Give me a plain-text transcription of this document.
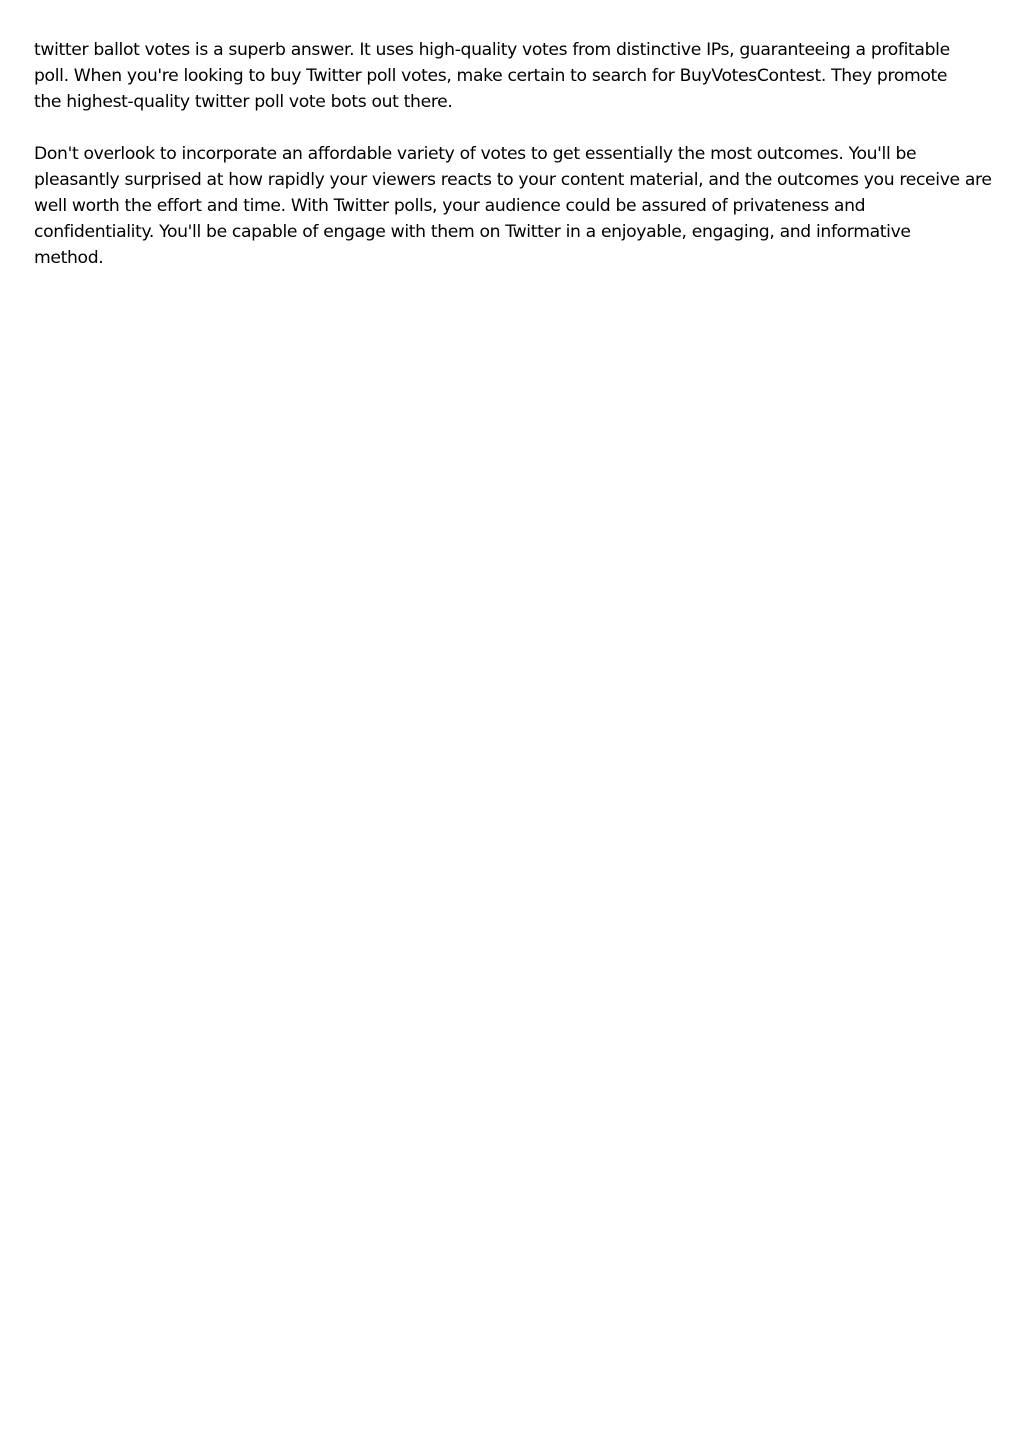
twitter ballot votes is a superb answer. It uses high-quality votes from distinctive IPs, guaranteeing a profitable
poll. When you're looking to buy Twitter poll votes, make certain to search for BuyVotesContest. They promote
the highest-quality twitter poll vote bots out there.

Don't overlook to incorporate an affordable variety of votes to get essentially the most outcomes. You'll be
pleasantly surprised at how rapidly your viewers reacts to your content material, and the outcomes you receive are
well worth the effort and time. With Twitter polls, your audience could be assured of privateness and
confidentiality. You'll be capable of engage with them on Twitter in a enjoyable, engaging, and informative
method.
